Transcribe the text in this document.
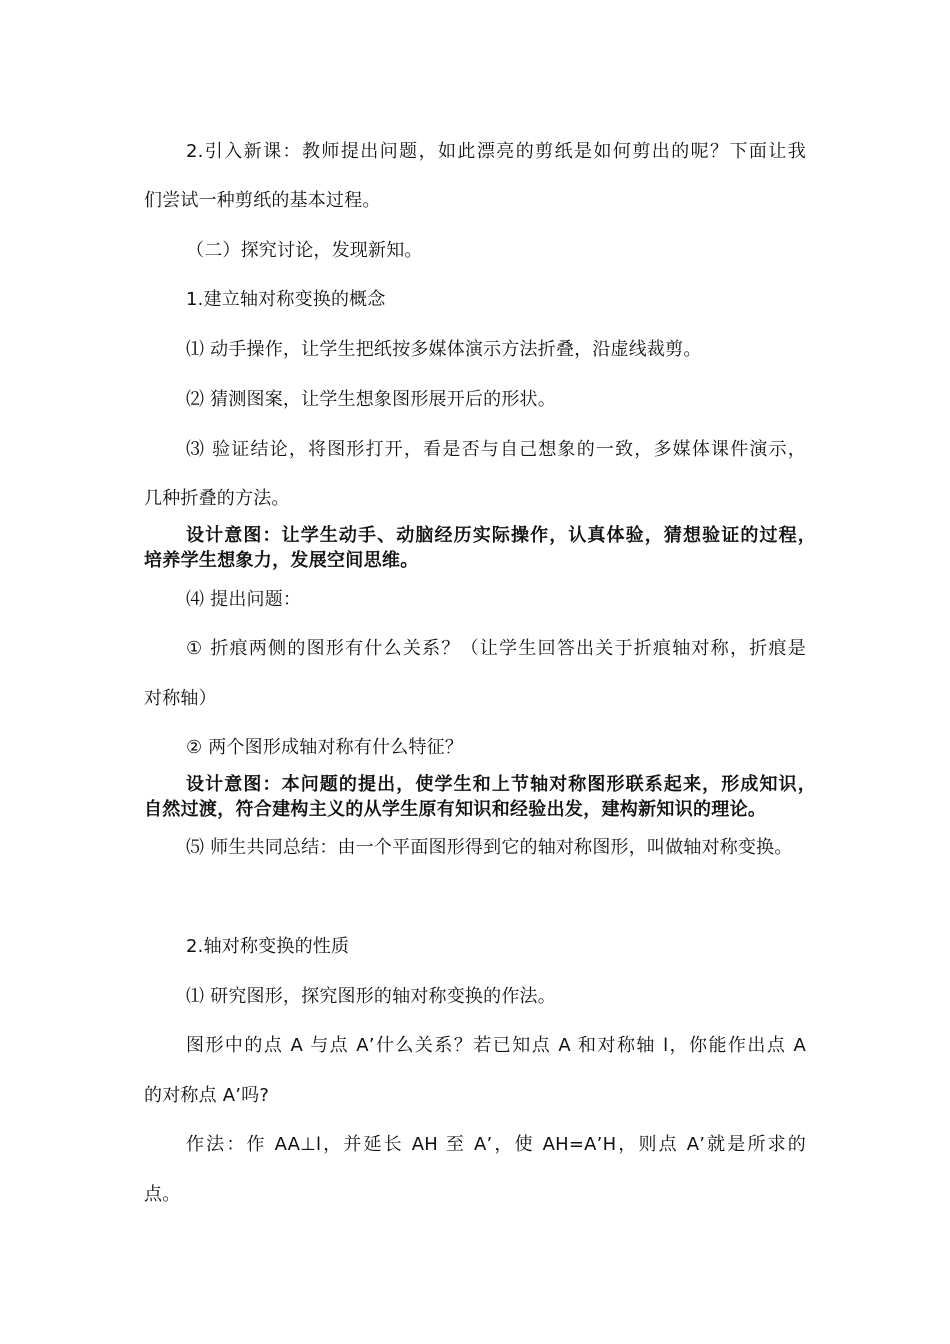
2.引入新课：教师提出问题，如此漂亮的剪纸是如何剪出的呢？下面让我
们尝试一种剪纸的基本过程。
（二）探究讨论，发现新知。
1.建立轴对称变换的概念
⑴ 动手操作，让学生把纸按多媒体演示方法折叠，沿虚线裁剪。
⑵ 猜测图案，让学生想象图形展开后的形状。
⑶ 验证结论，将图形打开，看是否与自己想象的一致，多媒体课件演示，
几种折叠的方法。
设计意图：让学生动手、动脑经历实际操作，认真体验，猜想验证的过程，
培养学生想象力，发展空间思维。
⑷ 提出问题：
① 折痕两侧的图形有什么关系？（让学生回答出关于折痕轴对称，折痕是
对称轴）
② 两个图形成轴对称有什么特征？
设计意图：本问题的提出，使学生和上节轴对称图形联系起来，形成知识，
自然过渡，符合建构主义的从学生原有知识和经验出发，建构新知识的理论。
⑸ 师生共同总结：由一个平面图形得到它的轴对称图形，叫做轴对称变换。
2.轴对称变换的性质
⑴ 研究图形，探究图形的轴对称变换的作法。
图形中的点 A 与点 A’什么关系？若已知点 A 和对称轴 l，你能作出点 A
的对称点 A’吗?
作法：作 AA⊥l，并延长 AH 至 A’，使 AH=A’H，则点 A’就是所求的
点。
